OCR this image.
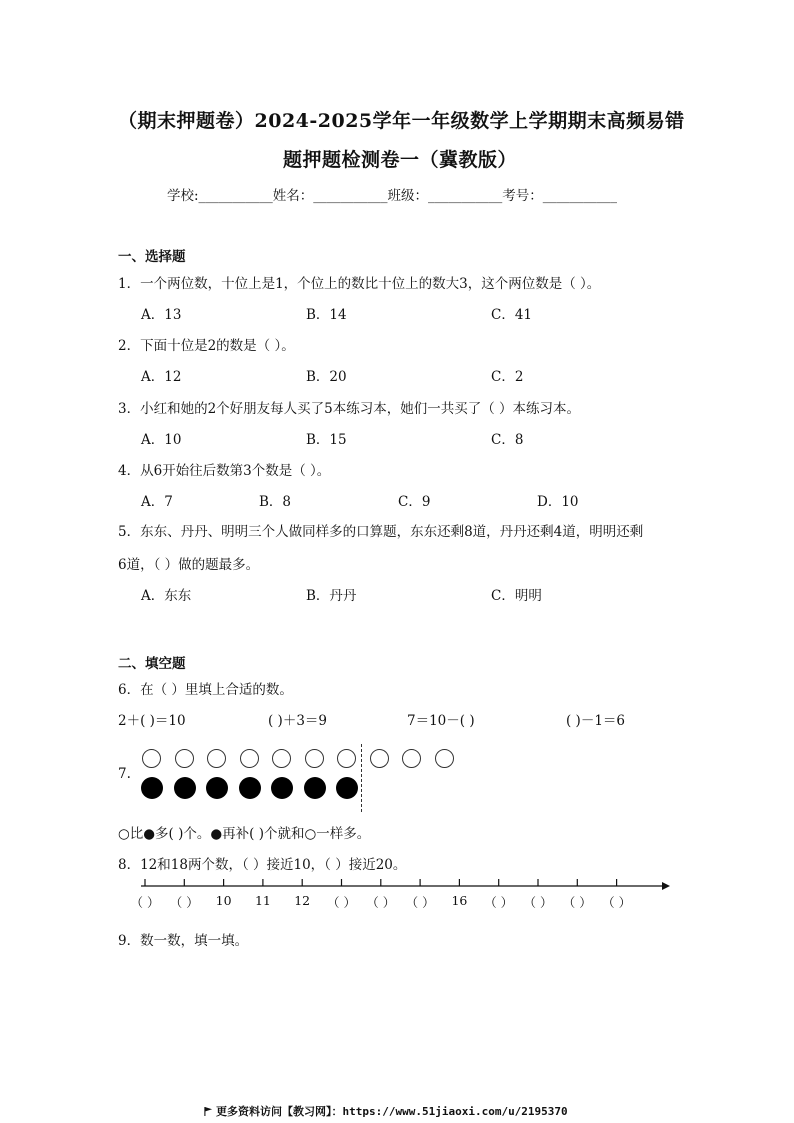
（期末押题卷）2024-2025学年一年级数学上学期期末高频易错
题押题检测卷一（冀教版）
学校:___________姓名：___________班级：___________考号：___________
一、选择题
1．一个两位数，十位上是1，个位上的数比十位上的数大3，这个两位数是（ ）。
A．13	B．14	C．41
2．下面十位是2的数是（ ）。
A．12	B．20	C．2
3．小红和她的2个好朋友每人买了5本练习本，她们一共买了（ ）本练习本。
A．10	B．15	C．8
4．从6开始往后数第3个数是（ ）。
A．7	B．8	C．9	D．10
5．东东、丹丹、明明三个人做同样多的口算题，东东还剩8道，丹丹还剩4道，明明还剩
6道，（ ）做的题最多。
A．东东	B．丹丹	C．明明
二、填空题
6．在（ ）里填上合适的数。
2＋( )＝10	( )＋3＝9	7＝10－( )	( )－1＝6
7.
○比●多( )个。●再补( )个就和○一样多。
8．12和18两个数，（ ）接近10，（ ）接近20。
（ ） （ ） 10 11 12 （ ） （ ） （ ） 16 （ ） （ ） （ ） （ ）
9．数一数，填一填。
更多资料访问【教习网】：https://www.51jiaoxi.com/u/2195370
